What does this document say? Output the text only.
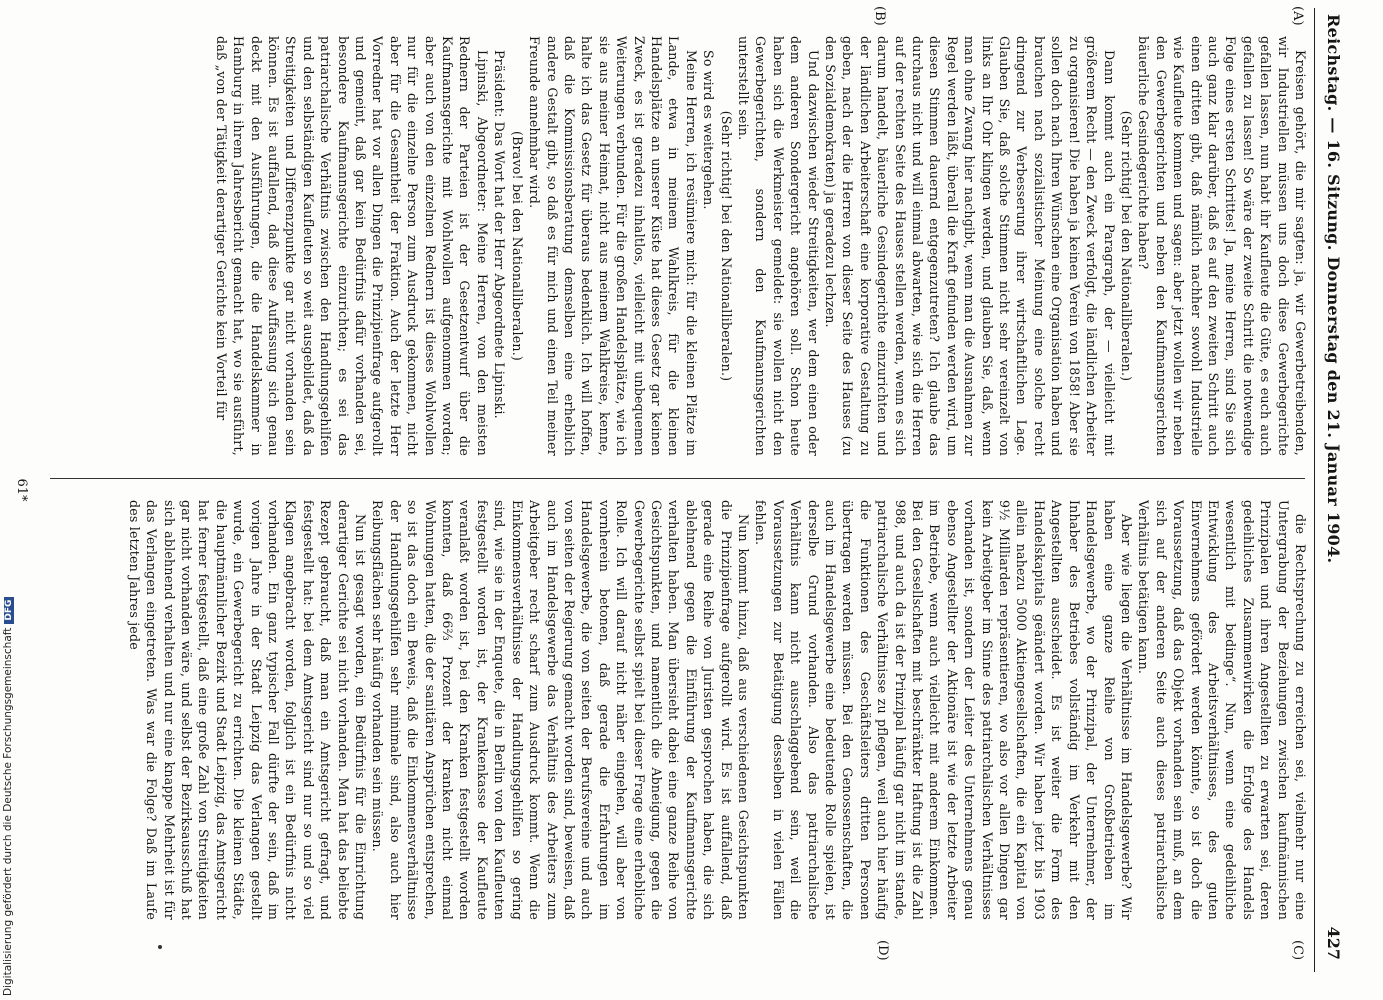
Reichstag. — 16. Sitzung. Donnerstag den 21. Januar 1904.
427
(A)
(B)
(C)
(D)

Kreisen gehört, die mir sagten: ja, wir Gewerbetreibenden, wir Industriellen müssen uns doch diese Gewerbegerichte gefallen lassen, nun habt ihr Kaufleute die Güte, es euch auch gefallen zu lassen! So wäre der zweite Schritt die notwendige Folge eines ersten Schrittes! Ja, meine Herren, sind Sie sich auch ganz klar darüber, daß es auf den zweiten Schritt auch einen dritten gibt, daß nämlich nachher sowohl Industrielle wie Kaufleute kommen und sagen: aber jetzt wollen wir neben den Gewerbegerichten und neben den Kaufmannsgerichten bäuerliche Gesindegerichte haben?

(Sehr richtig! bei den Nationalliberalen.)

Dann kommt auch ein Paragraph, der — vielleicht mit größerem Recht — den Zweck verfolgt, die ländlichen Arbeiter zu organisieren! Die haben ja keinen Verein von 1858! Aber sie sollen doch nach Ihren Wünschen eine Organisation haben und brauchen nach sozialistischer Meinung eine solche recht dringend zur Verbesserung ihrer wirtschaftlichen Lage. Glauben Sie, daß solche Stimmen nicht sehr vereinzelt von links an Ihr Ohr klingen werden, und glauben Sie, daß, wenn man ohne Zwang hier nachgibt, wenn man die Ausnahmen zur Regel werden läßt, überall die Kraft gefunden werden wird, um diesen Stimmen dauernd entgegenzutreten? Ich glaube das durchaus nicht und will einmal abwarten, wie sich die Herren auf der rechten Seite des Hauses stellen werden, wenn es sich darum handelt, bäuerliche Gesindegerichte einzurichten und der ländlichen Arbeiterschaft eine korporative Gestaltung zu geben, nach der die Herren von dieser Seite des Hauses (zu den Sozialdemokraten) ja geradezu lechzen.

Und dazwischen wieder Streitigkeiten, wer dem einen oder dem anderen Sondergericht angehören soll. Schon heute haben sich die Werkmeister gemeldet: sie wollen nicht den Gewerbegerichten, sondern den Kaufmannsgerichten unterstellt sein.

(Sehr richtig! bei den Nationalliberalen.)

So wird es weitergehen.

Meine Herren, ich resümiere mich: für die kleinen Plätze im Lande, etwa in meinem Wahlkreis, für die kleinen Handelsplätze an unserer Küste hat dieses Gesetz gar keinen Zweck, es ist geradezu inhaltlos, vielleicht mit unbequemen Weiterungen verbunden. Für die großen Handelsplätze, wie ich sie aus meiner Heimat, nicht aus meinem Wahlkreise, kenne, halte ich das Gesetz für überaus bedenklich. Ich will hoffen, daß die Kommissionsberatung demselben eine erheblich andere Gestalt gibt, so daß es für mich und einen Teil meiner Freunde annehmbar wird.

(Bravo! bei den Nationalliberalen.)

Präsident: Das Wort hat der Herr Abgeordnete Lipinski.

Lipinski, Abgeordneter: Meine Herren, von den meisten Rednern der Parteien ist der Gesetzentwurf über die Kaufmannsgerichte mit Wohlwollen aufgenommen worden; aber auch von den einzelnen Rednern ist dieses Wohlwollen nur für die einzelne Person zum Ausdruck gekommen, nicht aber für die Gesamtheit der Fraktion. Auch der letzte Herr Vorredner hat vor allen Dingen die Prinzipienfrage aufgerollt und gemeint, daß gar kein Bedürfnis dafür vorhanden sei, besondere Kaufmannsgerichte einzurichten; es sei das patriarchalische Verhältnis zwischen den Handlungsgehilfen und den selbständigen Kaufleuten so weit ausgebildet, daß da Streitigkeiten und Differenzpunkte gar nicht vorhanden sein können. Es ist auffallend, daß diese Auffassung sich genau deckt mit den Ausführungen, die die Handelskammer in Hamburg in ihrem Jahresbericht gemacht hat, wo sie ausführt, daß „von der Tätigkeit derartiger Gerichte kein Vorteil für

die Rechtsprechung zu erreichen sei, vielmehr nur eine Untergrabung der Beziehungen zwischen kaufmännischen Prinzipalen und ihren Angestellten zu erwarten sei, deren gedeihliches Zusammenwirken die Erfolge des Handels wesentlich mit bedinge“. Nun, wenn eine gedeihliche Entwicklung des Arbeitsverhältnisses, des guten Einvernehmens gefördert werden könnte, so ist doch die Voraussetzung, daß das Objekt vorhanden sein muß, an dem sich auf der anderen Seite auch dieses patriarchalische Verhältnis betätigen kann.

Aber wie liegen die Verhältnisse im Handelsgewerbe? Wir haben eine ganze Reihe von Großbetrieben im Handelsgewerbe, wo der Prinzipal, der Unternehmer, der Inhaber des Betriebes vollständig im Verkehr mit den Angestellten ausscheidet. Es ist weiter die Form des Handelskapitals geändert worden. Wir haben jetzt bis 1903 allein nahezu 5000 Aktiengesellschaften, die ein Kapital von 9½ Milliarden repräsentieren, wo also vor allen Dingen gar kein Arbeitgeber im Sinne des patriarchalischen Verhältnisses vorhanden ist, sondern der Leiter des Unternehmens genau ebenso Angestellter der Aktionäre ist wie der letzte Arbeiter im Betriebe, wenn auch vielleicht mit anderem Einkommen. Bei den Gesellschaften mit beschränkter Haftung ist die Zahl 988, und auch da ist der Prinzipal häufig gar nicht im stande, patriarchalische Verhältnisse zu pflegen, weil auch hier häufig die Funktionen des Geschäftsleiters dritten Personen übertragen werden müssen. Bei den Genossenschaften, die auch im Handelsgewerbe eine bedeutende Rolle spielen, ist derselbe Grund vorhanden. Also das patriarchalische Verhältnis kann nicht ausschlaggebend sein, weil die Voraussetzungen zur Betätigung desselben in vielen Fällen fehlen.

Nun kommt hinzu, daß aus verschiedenen Gesichtspunkten die Prinzipienfrage aufgerollt wird. Es ist auffallend, daß gerade eine Reihe von Juristen gesprochen haben, die sich ablehnend gegen die Einführung der Kaufmannsgerichte verhalten haben. Man übersieht dabei eine ganze Reihe von Gesichtspunkten, und namentlich die Abneigung, gegen die Gewerbegerichte selbst spielt bei dieser Frage eine erhebliche Rolle. Ich will darauf nicht näher eingehen, will aber von vornherein betonen, daß gerade die Erfahrungen im Handelsgewerbe, die von seiten der Berufsvereine und auch von seiten der Regierung gemacht worden sind, beweisen, daß auch im Handelsgewerbe das Verhältnis des Arbeiters zum Arbeitgeber recht scharf zum Ausdruck kommt. Wenn die Einkommensverhältnisse der Handlungsgehilfen so gering sind, wie sie in der Enquete, die in Berlin von den Kaufleuten festgestellt worden ist, der Krankenkasse der Kaufleute veranlaßt worden ist, bei den Kranken festgestellt worden konnten, daß 66⅔ Prozent der kranken nicht einmal Wohnungen hatten, die der sanitären Ansprüchen entsprechen, so ist das doch ein Beweis, daß die Einkommensverhältnisse der Handlungsgehilfen sehr minimale sind, also auch hier Reibungsflächen sehr häufig vorhanden sein müssen.

Nun ist gesagt worden, ein Bedürfnis für die Einrichtung derartiger Gerichte sei nicht vorhanden. Man hat das beliebte Rezept gebraucht, daß man ein Amtsgericht gefragt, und festgestellt hat: bei dem Amtsgericht sind nur so und so viel Klagen angebracht worden, folglich ist ein Bedürfnis nicht vorhanden. Ein ganz typischer Fall dürfte der sein, daß im vorigen Jahre in der Stadt Leipzig das Verlangen gestellt wurde, ein Gewerbegericht zu errichten. Die kleinen Städte, die hauptmännlicher Bezirk und Stadt Leipzig, das Amtsgericht hat ferner festgestellt, daß eine große Zahl von Streitigkeiten gar nicht vorhanden wäre, und selbst der Bezirksausschuß hat sich ablehnend verhalten und nur eine knappe Mehrheit ist für das Verlangen eingetreten. Was war die Folge? Daß im Laufe des letzten Jahres jede

61*
Digitalisierung gefördert durch die Deutsche ForschungsgemeinschaftDFG
